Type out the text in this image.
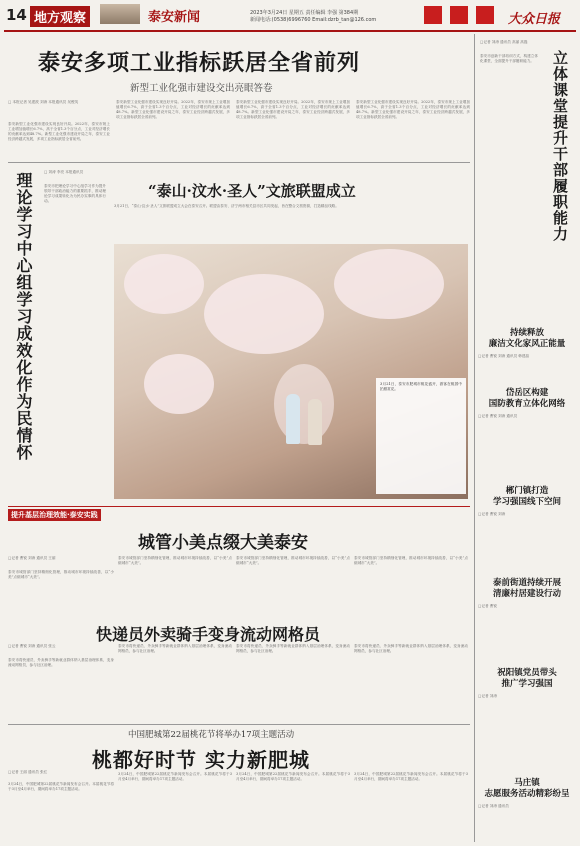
14 地方观察	泰安新闻	2023年3月24日 星期五 责任编辑 李强 第384期
新闻电话:(0538)6996760 Email:dzrb_tan@126.com	大众日报
泰安多项工业指标跃居全省前列
新型工业化强市建设交出亮眼答卷
□ 本报记者 吴建波 刘涛 本报通讯员 吴俊英
泰安新型工业化强市建设实现良好开局。2022年，泰安市规上工业增加值增长6.7%，高于全省1.3个百分点，工业对经济增长的贡献率达到48.7%。新型工业化强市建设开局之年，泰安工业经济跨越式发展，多项工业指标跃居全省前列。
泰安新型工业化强市建设实现良好开局。2022年，泰安市规上工业增加值增长6.7%，高于全省1.3个百分点，工业对经济增长的贡献率达到48.7%。新型工业化强市建设开局之年，泰安工业经济跨越式发展，多项工业指标跃居全省前列。
泰安新型工业化强市建设实现良好开局。2022年，泰安市规上工业增加值增长6.7%，高于全省1.3个百分点，工业对经济增长的贡献率达到48.7%。新型工业化强市建设开局之年，泰安工业经济跨越式发展，多项工业指标跃居全省前列。
泰安新型工业化强市建设实现良好开局。2022年，泰安市规上工业增加值增长6.7%，高于全省1.3个百分点，工业对经济增长的贡献率达到48.7%。新型工业化强市建设开局之年，泰安工业经济跨越式发展，多项工业指标跃居全省前列。
理论学习中心组学习成效化作为民情怀	□ 刘涛 李亮 本报通讯员
泰安市把理论学习中心组学习作为提升领导干部政治能力的重要抓手，推动理论学习成果转化为为民办实事的具体行动。
“泰山·汶水·圣人”文旅联盟成立
3月21日，“泰山·汶水·圣人”文旅联盟成立大会在泰安召开。联盟由泰安、济宁两市相关县市区共同发起，旨在整合文旅资源，打造精品线路。
3月21日，泰安市肥城市桃花盛开，游客在桃园中拍照赏花。
提升基层治理效能·泰安实践
城管小美点缀大美泰安
□记者 曹锐 刘涛 通讯员 王丽
泰安市城管部门坚持精细化管理，推动城市环境持续改善，以“小美”点缀城市“大美”。
泰安市城管部门坚持精细化管理，推动城市环境持续改善，以“小美”点缀城市“大美”。
泰安市城管部门坚持精细化管理，推动城市环境持续改善，以“小美”点缀城市“大美”。
泰安市城管部门坚持精细化管理，推动城市环境持续改善，以“小美”点缀城市“大美”。
快递员外卖骑手变身流动网格员
□记者 曹锐 刘涛 通讯员 张云
泰安市将快递员、外卖骑手等新就业群体纳入基层治理体系，变身流动网格员，参与社区治理。
泰安市将快递员、外卖骑手等新就业群体纳入基层治理体系，变身流动网格员，参与社区治理。
泰安市将快递员、外卖骑手等新就业群体纳入基层治理体系，变身流动网格员，参与社区治理。
泰安市将快递员、外卖骑手等新就业群体纳入基层治理体系，变身流动网格员，参与社区治理。
中国肥城第22届桃花节将举办17项主题活动
桃都好时节 实力新肥城
□记者 王丽 通讯员 张红
3月24日，中国肥城第22届桃花节新闻发布会召开。本届桃花节将于3月至4月举行，期间将举办17项主题活动。
3月24日，中国肥城第22届桃花节新闻发布会召开。本届桃花节将于3月至4月举行，期间将举办17项主题活动。
3月24日，中国肥城第22届桃花节新闻发布会召开。本届桃花节将于3月至4月举行，期间将举办17项主题活动。
3月24日，中国肥城第22届桃花节新闻发布会召开。本届桃花节将于3月至4月举行，期间将举办17项主题活动。
□记者 刘涛 通讯员 高丽 高磊
泰安市创新干部培训方式，构建立体化课堂，全面提升干部履职能力。 立体课堂提升干部履职能力
持续释放
廉洁文化家风正能量
□记者 曹锐 刘涛 通讯员 韩建晶
岱岳区构建
国防教育立体化网络
□记者 曹锐 刘涛 通讯员
郴门镇打造
学习强国线下空间
□记者 曹锐 刘涛
泰前街道持续开展
清廉村居建设行动
□记者 曹锐
祝阳镇党员带头
推广学习强国
□记者 刘涛
马庄镇
志愿服务活动精彩纷呈
□记者 刘涛 通讯员
